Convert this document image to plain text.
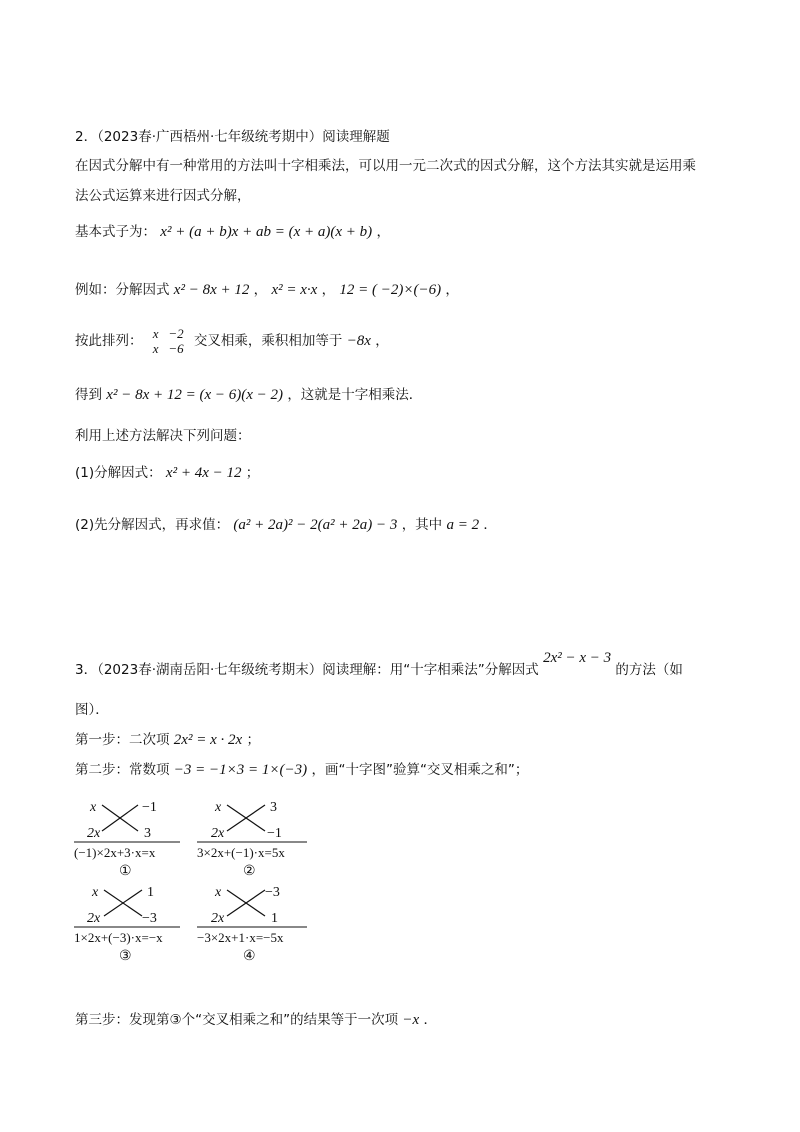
2．（2023春·广西梧州·七年级统考期中）阅读理解题
在因式分解中有一种常用的方法叫十字相乘法，可以用一元二次式的因式分解，这个方法其实就是运用乘
法公式运算来进行因式分解，
基本式子为： x² + (a + b)x + ab = (x + a)(x + b) ，
例如：分解因式 x² − 8x + 12 ， x² = x·x ， 12 = ( −2)×(−6) ，
按此排列： x   −2
x   −6 交叉相乘，乘积相加等于 −8x ，
得到 x² − 8x + 12 = (x − 6)(x − 2) ，这就是十字相乘法．
利用上述方法解决下列问题：
(1)分解因式： x² + 4x − 12 ；
(2)先分解因式，再求值： (a² + 2a)² − 2(a² + 2a) − 3 ，其中 a = 2 ．
3．（2023春·湖南岳阳·七年级统考期末）阅读理解：用“十字相乘法”分解因式 2x² − x − 3 的方法（如
图）．
第一步：二次项 2x² = x · 2x ；
第二步：常数项 −3 = −1×3 = 1×(−3) ，画“十字图”验算“交叉相乘之和”；
x	−1
2x	3
(−1)×2x+3·x=x
①
x	3
2x	−1
3×2x+(−1)·x=5x
②
x	1
2x	−3
1×2x+(−3)·x=−x
③
x	−3
2x	1
−3×2x+1·x=−5x
④
第三步：发现第③个“交叉相乘之和”的结果等于一次项 −x ．
